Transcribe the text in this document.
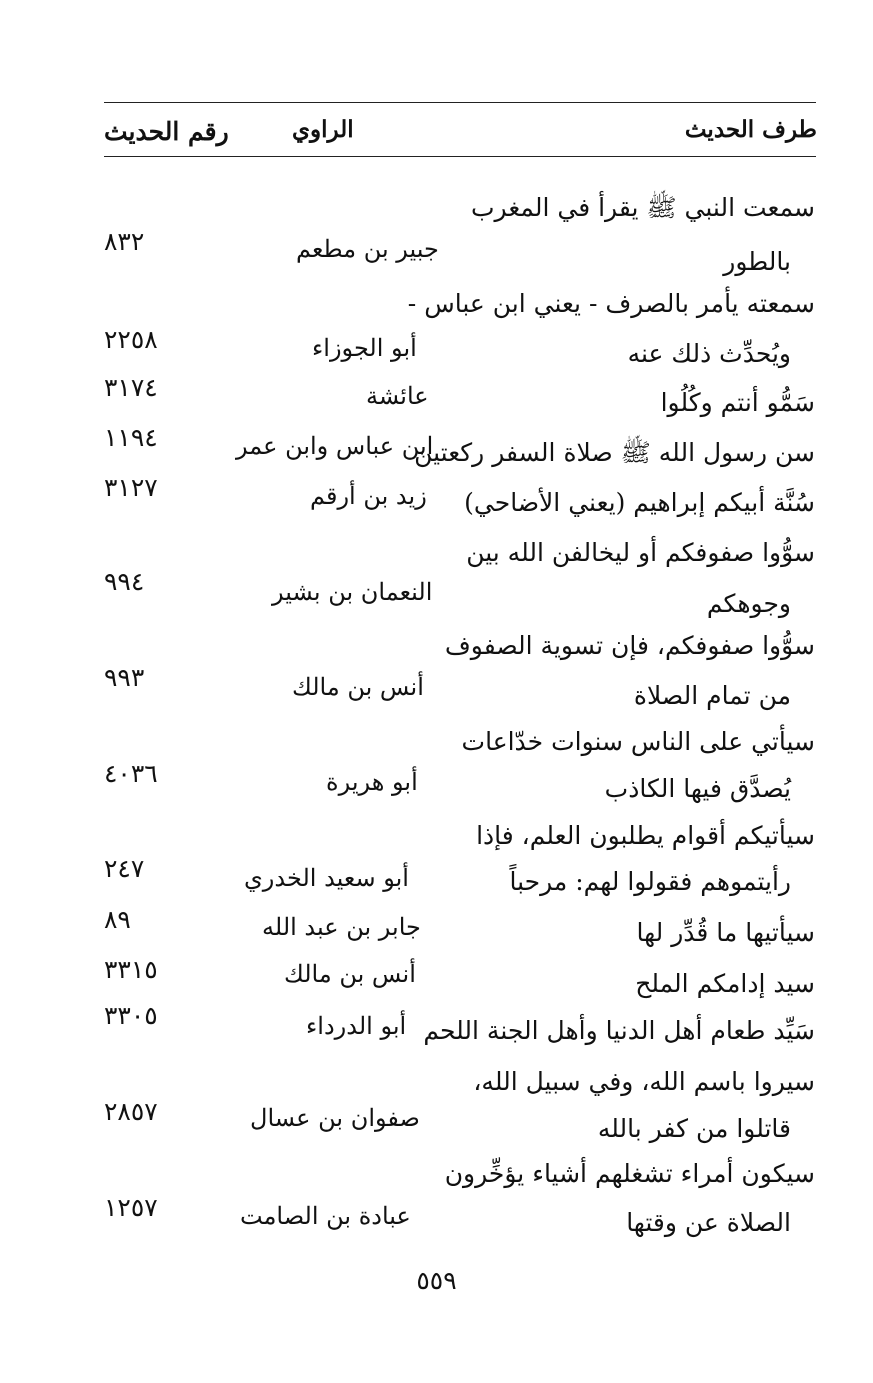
طرف الحديث
الراوي
رقم الحديث
سمعت النبي ﷺ يقرأ في المغرب
بالطور
جبير بن مطعم
٨٣٢
سمعته يأمر بالصرف - يعني ابن عباس -
ويُحدِّث ذلك عنه
أبو الجوزاء
٢٢٥٨
سَمُّو أنتم وكُلُوا
عائشة
٣١٧٤
سن رسول الله ﷺ صلاة السفر ركعتين
ابن عباس وابن عمر
١١٩٤
سُنَّة أبيكم إبراهيم (يعني الأضاحي)
زيد بن أرقم
٣١٢٧
سوُّوا صفوفكم أو ليخالفن الله بين
وجوهكم
النعمان بن بشير
٩٩٤
سوُّوا صفوفكم، فإن تسوية الصفوف
من تمام الصلاة
أنس بن مالك
٩٩٣
سيأتي على الناس سنوات خدّاعات
يُصدَّق فيها الكاذب
أبو هريرة
٤٠٣٦
سيأتيكم أقوام يطلبون العلم، فإذا
رأيتموهم فقولوا لهم: مرحباً
أبو سعيد الخدري
٢٤٧
سيأتيها ما قُدِّر لها
جابر بن عبد الله
٨٩
سيد إدامكم الملح
أنس بن مالك
٣٣١٥
سَيِّد طعام أهل الدنيا وأهل الجنة اللحم
أبو الدرداء
٣٣٠٥
سيروا باسم الله، وفي سبيل الله،
قاتلوا من كفر بالله
صفوان بن عسال
٢٨٥٧
سيكون أمراء تشغلهم أشياء يؤخِّرون
الصلاة عن وقتها
عبادة بن الصامت
١٢٥٧
٥٥٩
